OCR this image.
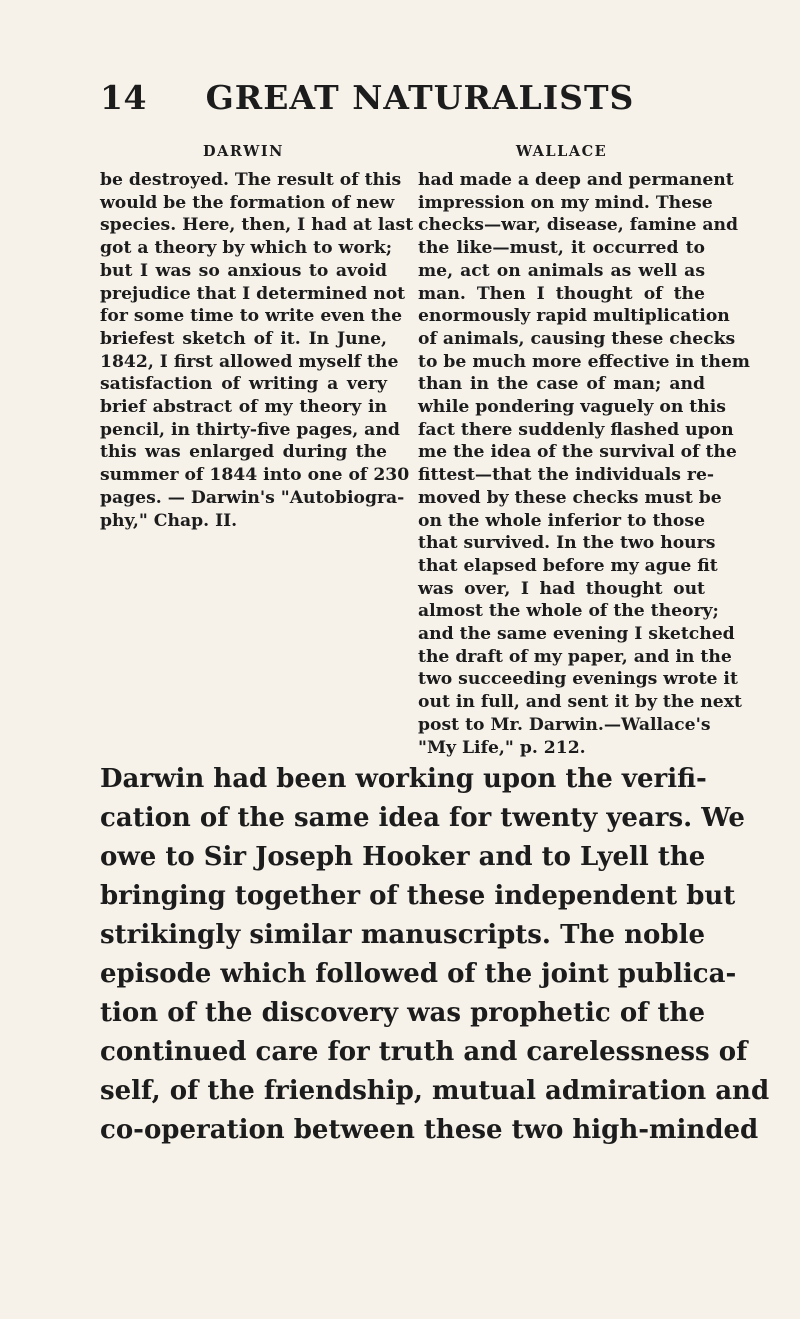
14	GREAT NATURALISTS
DARWIN
be destroyed. The result of this
would be the formation of new
species. Here, then, I had at last
got a theory by which to work;
but I was so anxious to avoid
prejudice that I determined not
for some time to write even the
briefest sketch of it. In June,
1842, I first allowed myself the
satisfaction of writing a very
brief abstract of my theory in
pencil, in thirty-five pages, and
this was enlarged during the
summer of 1844 into one of 230
pages. — Darwin's "Autobiogra-
phy," Chap. II.
WALLACE
had made a deep and permanent
impression on my mind. These
checks—war, disease, famine and
the like—must, it occurred to
me, act on animals as well as
man. Then I thought of the
enormously rapid multiplication
of animals, causing these checks
to be much more effective in them
than in the case of man; and
while pondering vaguely on this
fact there suddenly flashed upon
me the idea of the survival of the
fittest—that the individuals re-
moved by these checks must be
on the whole inferior to those
that survived. In the two hours
that elapsed before my ague fit
was over, I had thought out
almost the whole of the theory;
and the same evening I sketched
the draft of my paper, and in the
two succeeding evenings wrote it
out in full, and sent it by the next
post to Mr. Darwin.—Wallace's
"My Life," p. 212.
Darwin had been working upon the verifi-
cation of the same idea for twenty years. We
owe to Sir Joseph Hooker and to Lyell the
bringing together of these independent but
strikingly similar manuscripts. The noble
episode which followed of the joint publica-
tion of the discovery was prophetic of the
continued care for truth and carelessness of
self, of the friendship, mutual admiration and
co-operation between these two high-minded
